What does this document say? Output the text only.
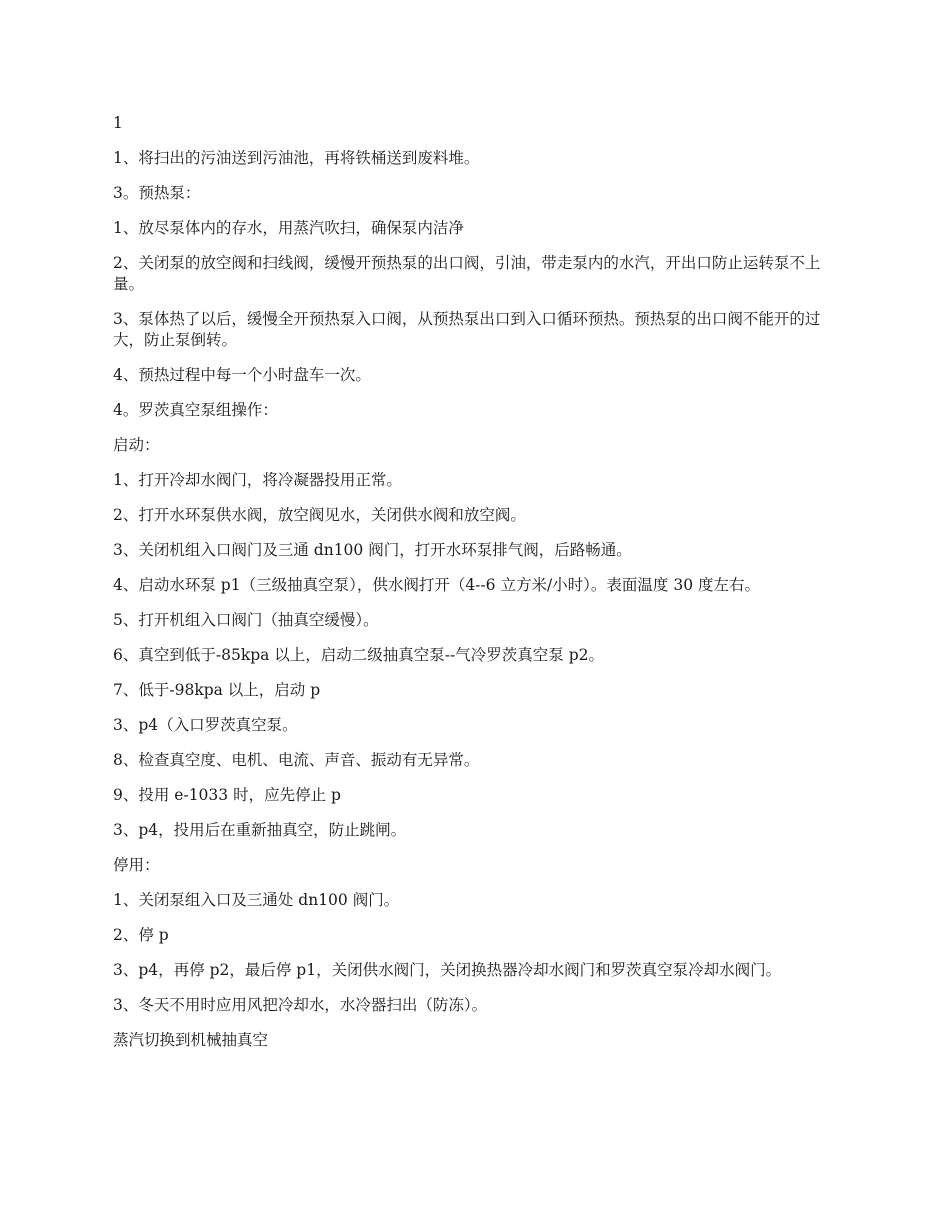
1

1、将扫出的污油送到污油池，再将铁桶送到废料堆。

3。预热泵：

1、放尽泵体内的存水，用蒸汽吹扫，确保泵内洁净

2、关闭泵的放空阀和扫线阀，缓慢开预热泵的出口阀，引油，带走泵内的水汽，开出口防止运转泵不上量。

3、泵体热了以后，缓慢全开预热泵入口阀，从预热泵出口到入口循环预热。预热泵的出口阀不能开的过大，防止泵倒转。

4、预热过程中每一个小时盘车一次。

4。罗茨真空泵组操作：

启动：

1、打开冷却水阀门，将冷凝器投用正常。

2、打开水环泵供水阀，放空阀见水，关闭供水阀和放空阀。

3、关闭机组入口阀门及三通 dn100 阀门，打开水环泵排气阀，后路畅通。

4、启动水环泵 p1（三级抽真空泵），供水阀打开（4--6 立方米/小时）。表面温度 30 度左右。

5、打开机组入口阀门（抽真空缓慢）。

6、真空到低于-85kpa 以上，启动二级抽真空泵--气冷罗茨真空泵 p2。

7、低于-98kpa 以上，启动 p

3、p4（入口罗茨真空泵。

8、检查真空度、电机、电流、声音、振动有无异常。

9、投用 e-1033 时，应先停止 p

3、p4，投用后在重新抽真空，防止跳闸。

停用：

1、关闭泵组入口及三通处 dn100 阀门。

2、停 p

3、p4，再停 p2，最后停 p1，关闭供水阀门，关闭换热器冷却水阀门和罗茨真空泵冷却水阀门。

3、冬天不用时应用风把冷却水，水冷器扫出（防冻）。

蒸汽切换到机械抽真空
